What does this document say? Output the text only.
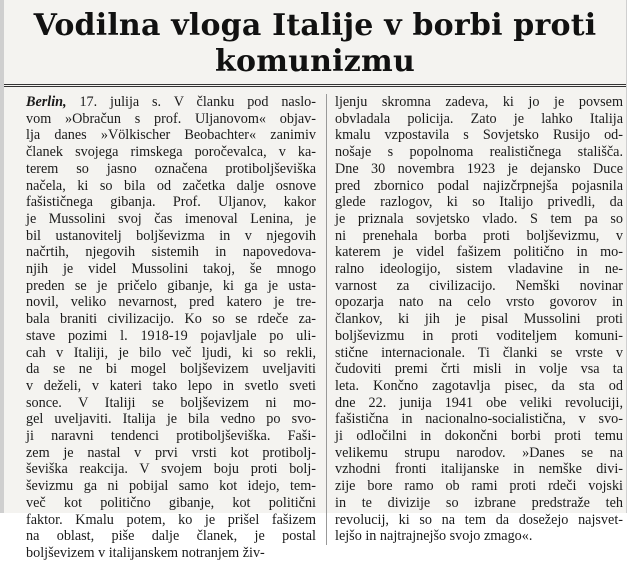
Vodilna vloga Italije v borbi proti
komunizmu
Berlin, 17. julija s. V članku pod naslo-
vom »Obračun s prof. Uljanovom« objav-
lja danes »Völkischer Beobachter« zanimiv
članek svojega rimskega poročevalca, v ka-
terem so jasno označena protiboljševiška
načela, ki so bila od začetka dalje osnove
fašističnega gibanja. Prof. Uljanov, kakor
je Mussolini svoj čas imenoval Lenina, je
bil ustanovitelj boljševizma in v njegovih
načrtih, njegovih sistemih in napovedova-
njih je videl Mussolini takoj, še mnogo
preden se je pričelo gibanje, ki ga je usta-
novil, veliko nevarnost, pred katero je tre-
bala braniti civilizacijo. Ko so se rdeče za-
stave pozimi l. 1918-19 pojavljale po uli-
cah v Italiji, je bilo več ljudi, ki so rekli,
da se ne bi mogel boljševizem uveljaviti
v deželi, v kateri tako lepo in svetlo sveti
sonce. V Italiji se boljševizem ni mo-
gel uveljaviti. Italija je bila vedno po svo-
ji naravni tendenci protiboljševiška. Faši-
zem je nastal v prvi vrsti kot protibolj-
ševiška reakcija. V svojem boju proti bolj-
ševizmu ga ni pobijal samo kot idejo, tem-
več kot politično gibanje, kot politični
faktor. Kmalu potem, ko je prišel fašizem
na oblast, piše dalje članek, je postal
boljševizem v italijanskem notranjem živ-
ljenju skromna zadeva, ki jo je povsem
obvladala policija. Zato je lahko Italija
kmalu vzpostavila s Sovjetsko Rusijo od-
nošaje s popolnoma realističnega stališča.
Dne 30 novembra 1923 je dejansko Duce
pred zbornico podal najizčrpnejša pojasnila
glede razlogov, ki so Italijo privedli, da
je priznala sovjetsko vlado. S tem pa so
ni prenehala borba proti boljševizmu, v
katerem je videl fašizem politično in mo-
ralno ideologijo, sistem vladavine in ne-
varnost za civilizacijo. Nemški novinar
opozarja nato na celo vrsto govorov in
člankov, ki jih je pisal Mussolini proti
boljševizmu in proti voditeljem komuni-
stične internacionale. Ti članki se vrste v
čudoviti premi črti misli in volje vsa ta
leta. Končno zagotavlja pisec, da sta od
dne 22. junija 1941 obe veliki revoluciji,
fašistična in nacionalno-socialistična, v svo-
ji odločilni in dokončni borbi proti temu
velikemu strupu narodov. »Danes se na
vzhodni fronti italijanske in nemške divi-
zije bore ramo ob rami proti rdeči vojski
in te divizije so izbrane predstraže teh
revolucij, ki so na tem da dosežejo najsvet-
lejšo in najtrajnejšo svojo zmago«.
